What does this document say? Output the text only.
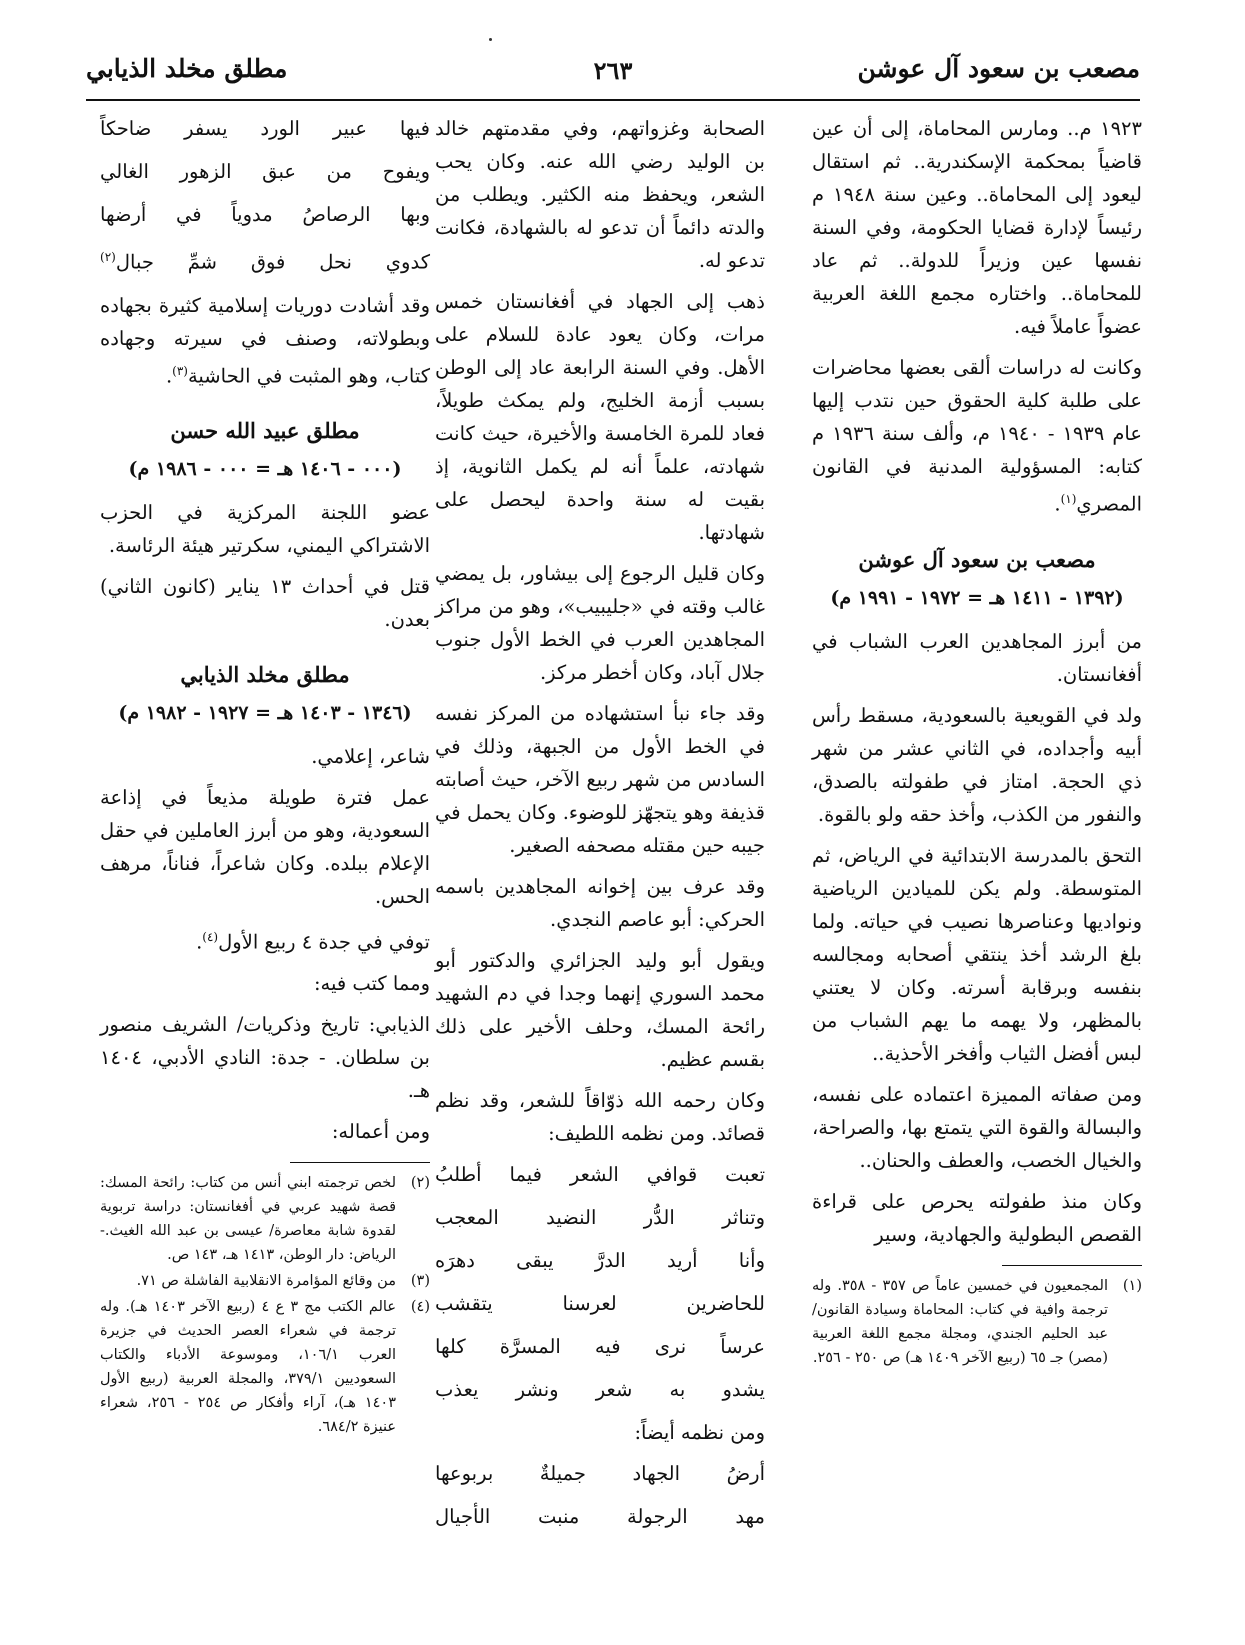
مصعب بن سعود آل عوشن
٢٦٣
مطلق مخلد الذيابي

١٩٢٣ م.. ومارس المحاماة، إلى أن عين قاضياً بمحكمة الإسكندرية.. ثم استقال ليعود إلى المحاماة.. وعين سنة ١٩٤٨ م رئيساً لإدارة قضايا الحكومة، وفي السنة نفسها عين وزيراً للدولة.. ثم عاد للمحاماة.. واختاره مجمع اللغة العربية عضواً عاملاً فيه.

وكانت له دراسات ألقى بعضها محاضرات على طلبة كلية الحقوق حين نتدب إليها عام ١٩٣٩ - ١٩٤٠ م، وألف سنة ١٩٣٦ م كتابه: المسؤولية المدنية في القانون المصري$^{(١)}$.

مصعب بن سعود آل عوشن
(١٣٩٢ - ١٤١١ هـ = ١٩٧٢ - ١٩٩١ م)

من أبرز المجاهدين العرب الشباب في أفغانستان.

ولد في القويعية بالسعودية، مسقط رأس أبيه وأجداده، في الثاني عشر من شهر ذي الحجة. امتاز في طفولته بالصدق، والنفور من الكذب، وأخذ حقه ولو بالقوة.

التحق بالمدرسة الابتدائية في الرياض، ثم المتوسطة. ولم يكن للميادين الرياضية ونواديها وعناصرها نصيب في حياته. ولما بلغ الرشد أخذ ينتقي أصحابه ومجالسه بنفسه وبرقابة أسرته. وكان لا يعتني بالمظهر، ولا يهمه ما يهم الشباب من لبس أفضل الثياب وأفخر الأحذية..

ومن صفاته المميزة اعتماده على نفسه، والبسالة والقوة التي يتمتع بها، والصراحة، والخيال الخصب، والعطف والحنان..

وكان منذ طفولته يحرص على قراءة القصص البطولية والجهادية، وسير

(١)
المجمعيون في خمسين عاماً ص ٣٥٧ - ٣٥٨. وله ترجمة وافية في كتاب: المحاماة وسيادة القانون/ عبد الحليم الجندي، ومجلة مجمع اللغة العربية (مصر) جـ ٦٥ (ربيع الآخر ١٤٠٩ هـ) ص ٢٥٠ - ٢٥٦.

الصحابة وغزواتهم، وفي مقدمتهم خالد بن الوليد رضي الله عنه. وكان يحب الشعر، ويحفظ منه الكثير. ويطلب من والدته دائماً أن تدعو له بالشهادة، فكانت تدعو له.

ذهب إلى الجهاد في أفغانستان خمس مرات، وكان يعود عادة للسلام على الأهل. وفي السنة الرابعة عاد إلى الوطن بسبب أزمة الخليج، ولم يمكث طويلاً، فعاد للمرة الخامسة والأخيرة، حيث كانت شهادته، علماً أنه لم يكمل الثانوية، إذ بقيت له سنة واحدة ليحصل على شهادتها.

وكان قليل الرجوع إلى بيشاور، بل يمضي غالب وقته في «جليبيب»، وهو من مراكز المجاهدين العرب في الخط الأول جنوب جلال آباد، وكان أخطر مركز.

وقد جاء نبأ استشهاده من المركز نفسه في الخط الأول من الجبهة، وذلك في السادس من شهر ربيع الآخر، حيث أصابته قذيفة وهو يتجهّز للوضوء. وكان يحمل في جيبه حين مقتله مصحفه الصغير.

وقد عرف بين إخوانه المجاهدين باسمه الحركي: أبو عاصم النجدي.

ويقول أبو وليد الجزائري والدكتور أبو محمد السوري إنهما وجدا في دم الشهيد رائحة المسك، وحلف الأخير على ذلك بقسم عظيم.

وكان رحمه الله ذوّاقاً للشعر، وقد نظم قصائد. ومن نظمه اللطيف:

تعبت قوافي الشعر فيما أطلبُ
وتناثر الدُّر النضيد المعجب
وأنا أريد الدرَّ يبقى دهرَه
للحاضرين لعرسنا يتقشب
عرساً نرى فيه المسرَّة كلها
يشدو به شعر ونشر يعذب

ومن نظمه أيضاً:

أرضُ الجهاد جميلةٌ بربوعها
مهد الرجولة منبت الأجيال
فيها عبير الورد يسفر ضاحكاً
ويفوح من عبق الزهور الغالي
وبها الرصاصُ مدوياً في أرضها
كدوي نحل فوق شمِّ جبال$^{(٢)}$

وقد أشادت دوريات إسلامية كثيرة بجهاده وبطولاته، وصنف في سيرته وجهاده كتاب، وهو المثبت في الحاشية$^{(٣)}$.

مطلق عبيد الله حسن
(٠٠٠ - ١٤٠٦ هـ = ٠٠٠ - ١٩٨٦ م)

عضو اللجنة المركزية في الحزب الاشتراكي اليمني، سكرتير هيئة الرئاسة.

قتل في أحداث ١٣ يناير (كانون الثاني) بعدن.

مطلق مخلد الذيابي
(١٣٤٦ - ١٤٠٣ هـ = ١٩٢٧ - ١٩٨٢ م)

شاعر، إعلامي.

عمل فترة طويلة مذيعاً في إذاعة السعودية، وهو من أبرز العاملين في حقل الإعلام ببلده. وكان شاعراً، فناناً، مرهف الحس.

توفي في جدة ٤ ربيع الأول$^{(٤)}$.

ومما كتب فيه:

الذيابي: تاريخ وذكريات/ الشريف منصور بن سلطان. - جدة: النادي الأدبي، ١٤٠٤ هـ.

ومن أعماله:

(٢)
لخص ترجمته ابني أنس من كتاب: رائحة المسك: قصة شهيد عربي في أفغانستان: دراسة تربوية لقدوة شابة معاصرة/ عيسى بن عبد الله الغيث.- الرياض: دار الوطن، ١٤١٣ هـ، ١٤٣ ص.
(٣)
من وقائع المؤامرة الانقلابية الفاشلة ص ٧١.
(٤)
عالم الكتب مج ٣ ع ٤ (ربيع الآخر ١٤٠٣ هـ). وله ترجمة في شعراء العصر الحديث في جزيرة العرب ١٠٦/١، وموسوعة الأدباء والكتاب السعوديين ٣٧٩/١، والمجلة العربية (ربيع الأول ١٤٠٣ هـ)، آراء وأفكار ص ٢٥٤ - ٢٥٦، شعراء عنيزة ٦٨٤/٢.
